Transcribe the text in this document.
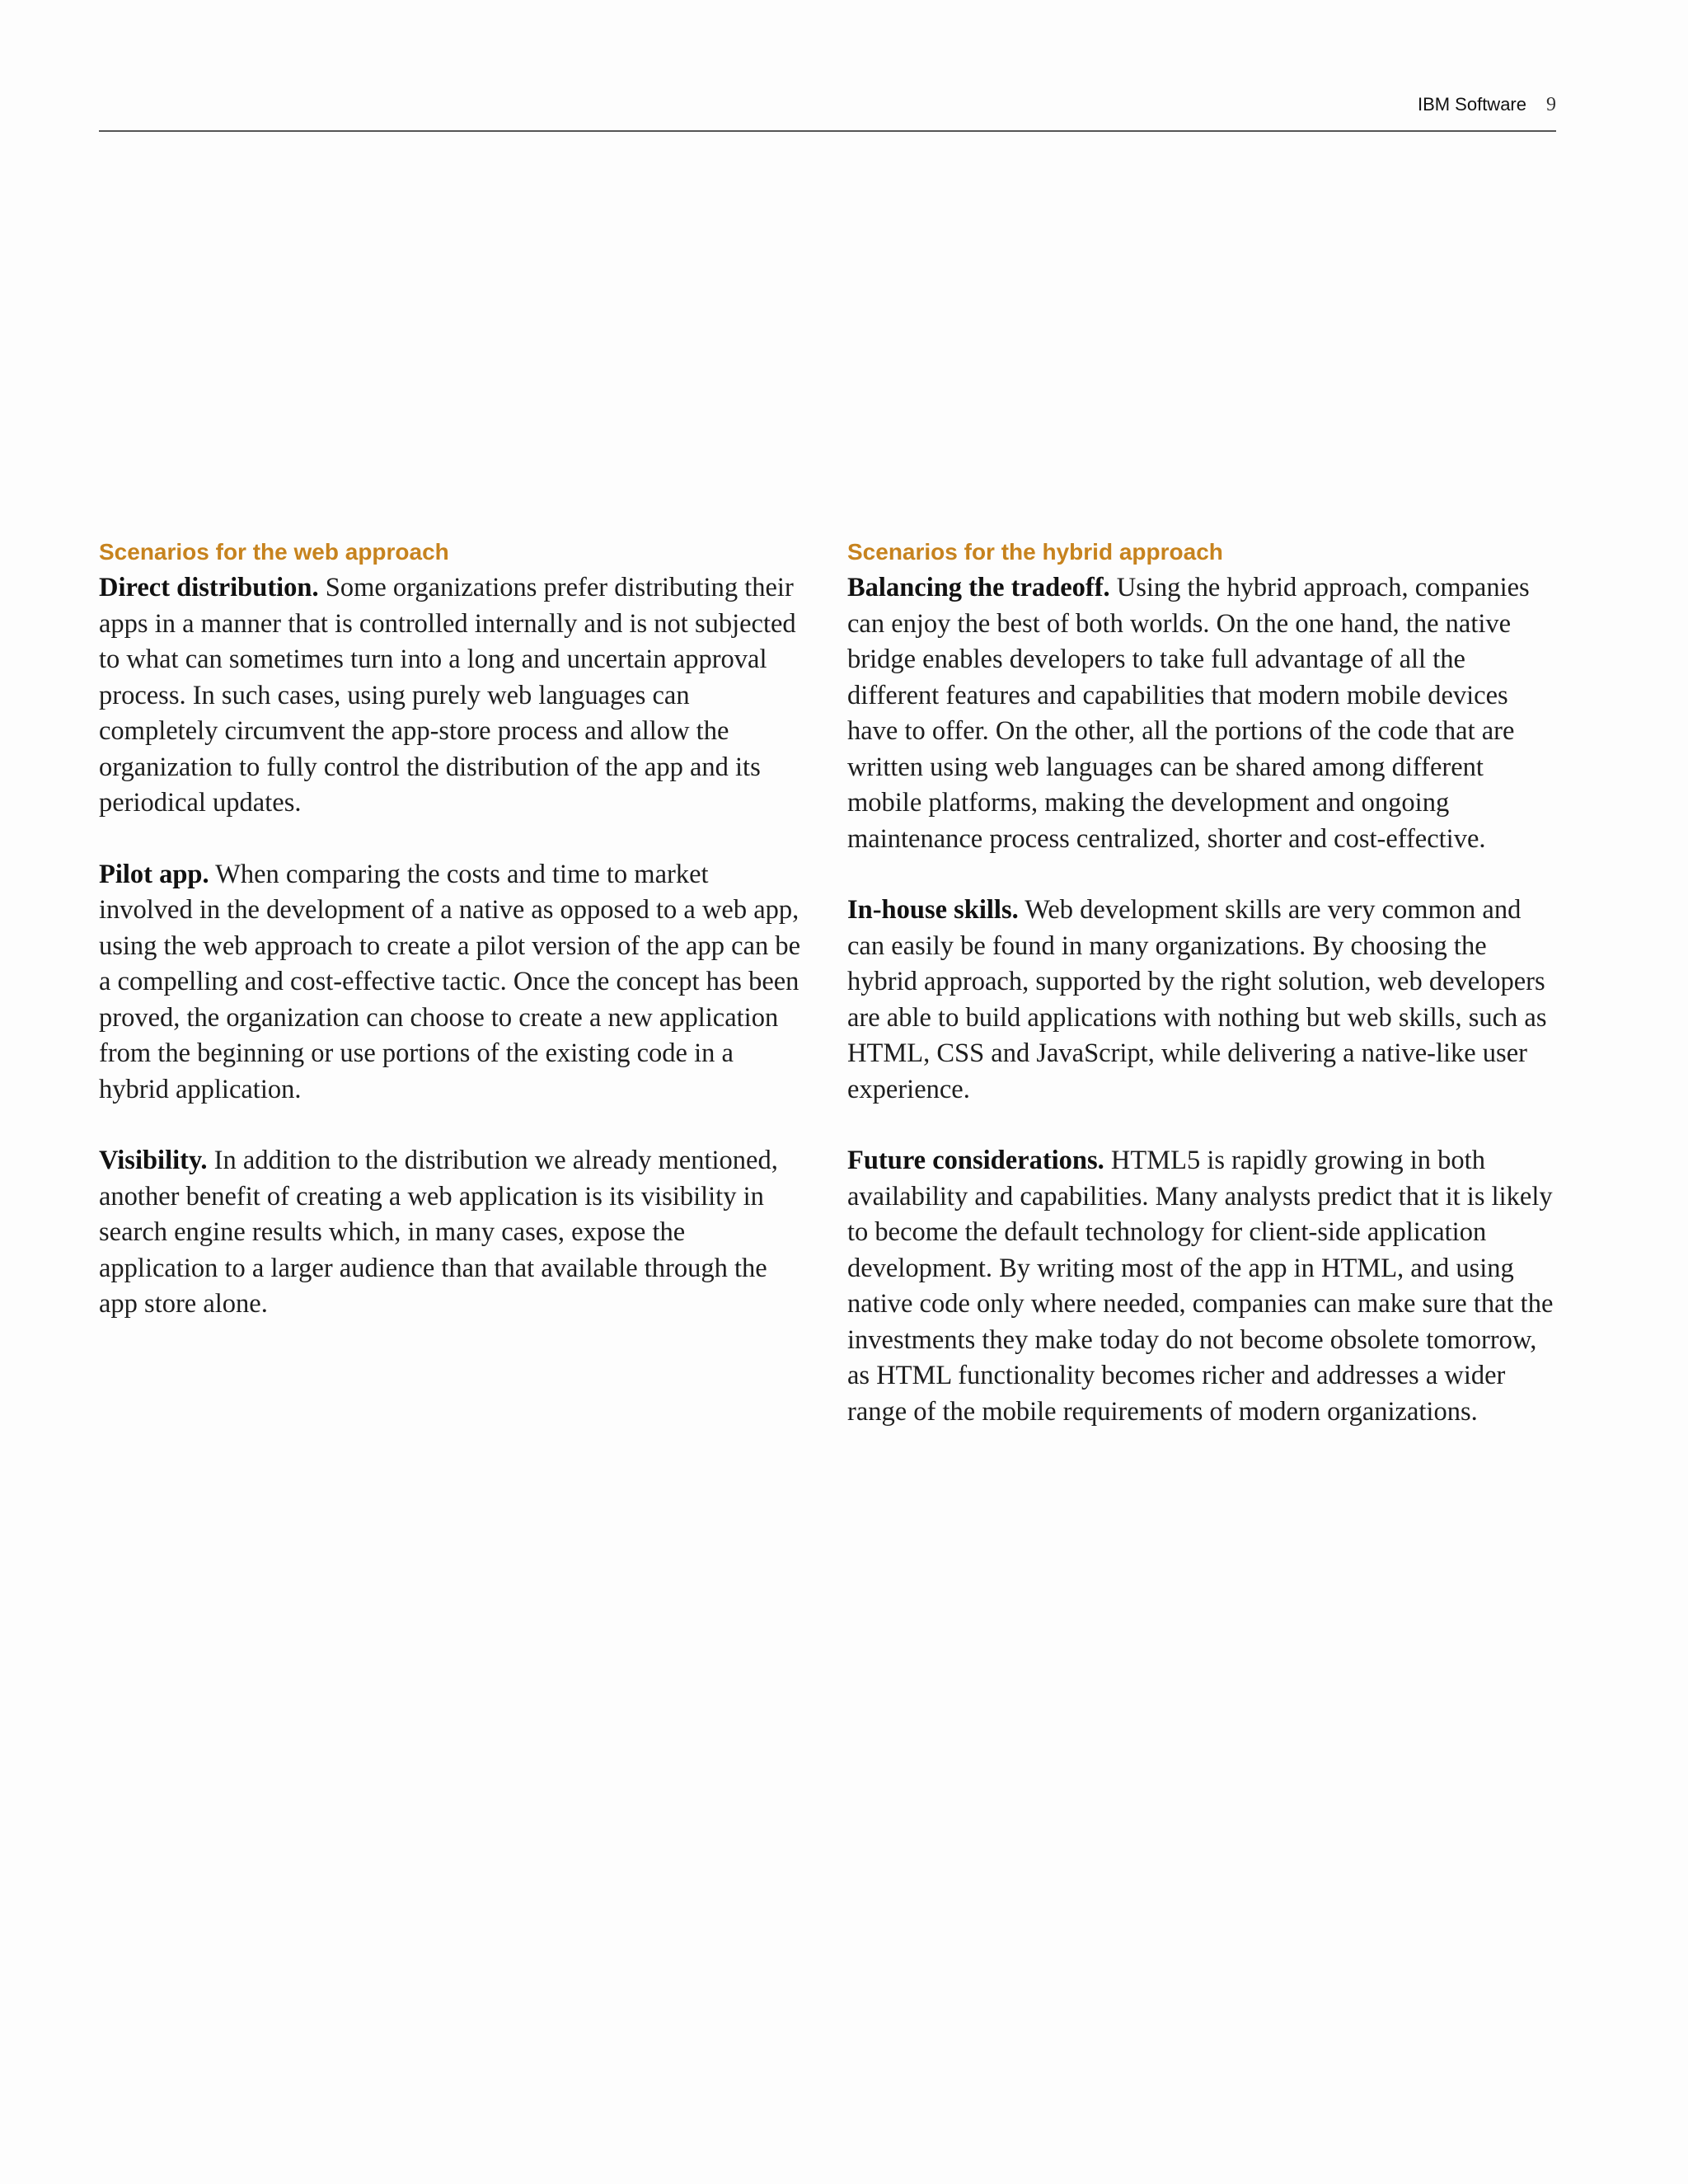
IBM Software 9
Scenarios for the web approach

Direct distribution. Some organizations prefer distributing their apps in a manner that is controlled internally and is not subjected to what can sometimes turn into a long and uncertain approval process. In such cases, using purely web languages can completely circumvent the app-store process and allow the organization to fully control the distribution of the app and its periodical updates.

Pilot app. When comparing the costs and time to market involved in the development of a native as opposed to a web app, using the web approach to create a pilot version of the app can be a compelling and cost-effective tactic. Once the concept has been proved, the organization can choose to create a new application from the beginning or use portions of the existing code in a hybrid application.

Visibility. In addition to the distribution we already mentioned, another benefit of creating a web application is its visibility in search engine results which, in many cases, expose the application to a larger audience than that available through the app store alone.

Scenarios for the hybrid approach

Balancing the tradeoff. Using the hybrid approach, companies can enjoy the best of both worlds. On the one hand, the native bridge enables developers to take full advantage of all the different features and capabilities that modern mobile devices have to offer. On the other, all the portions of the code that are written using web languages can be shared among different mobile platforms, making the development and ongoing maintenance process centralized, shorter and cost-effective.

In-house skills. Web development skills are very common and can easily be found in many organizations. By choosing the hybrid approach, supported by the right solution, web developers are able to build applications with nothing but web skills, such as HTML, CSS and JavaScript, while delivering a native-like user experience.

Future considerations. HTML5 is rapidly growing in both availability and capabilities. Many analysts predict that it is likely to become the default technology for client-side application development. By writing most of the app in HTML, and using native code only where needed, companies can make sure that the investments they make today do not become obsolete tomorrow, as HTML functionality becomes richer and addresses a wider range of the mobile requirements of modern organizations.
